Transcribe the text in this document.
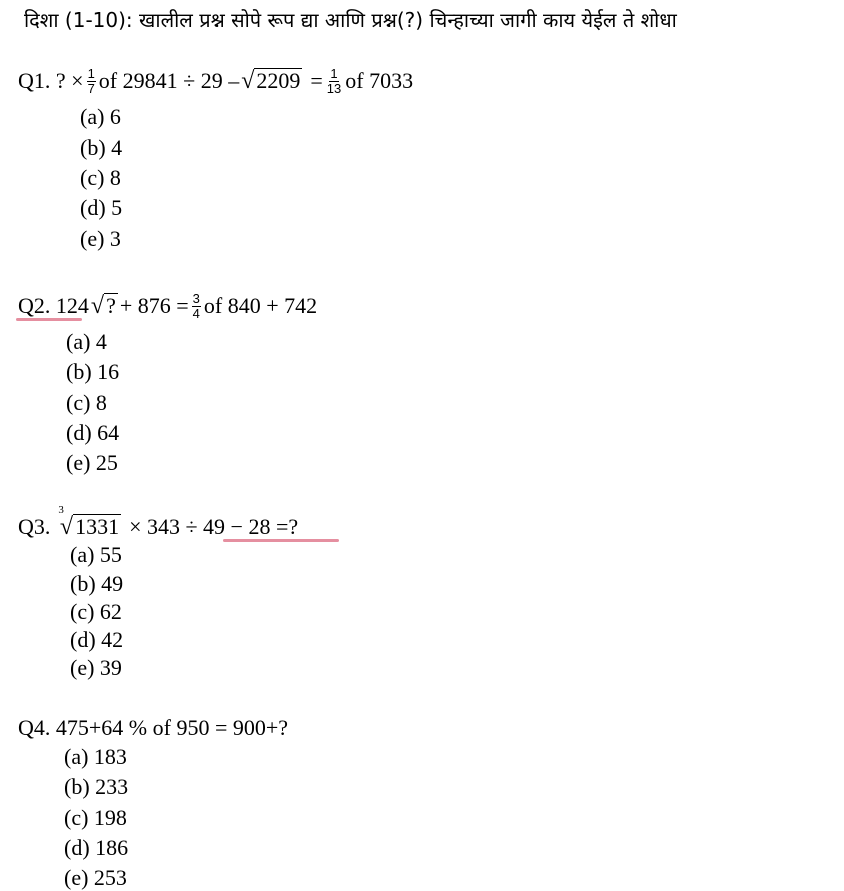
दिशा (1-10): खालील प्रश्न सोपे रूप द्या आणि प्रश्न(?) चिन्हाच्या जागी काय येईल ते शोधा
Q1. ? × $\frac{1}{7}$ of 29841 ÷ 29 – √ $2209 = \frac{1}{13}$ of 7033
(a) 6
(b) 4
(c) 8
(d) 5
(e) 3
Q2. 124 √ ? + $876 = \frac{3}{4}$ of 840 + 742
(a) 4
(b) 16
(c) 8
(d) 64
(e) 25
Q3.
3
√ 1331 × 343 ÷ 49 − 28 =?
(a) 55
(b) 49
(c) 62
(d) 42
(e) 39
Q4. 475+64 % of 950 = 900+?
(a) 183
(b) 233
(c) 198
(d) 186
(e) 253
